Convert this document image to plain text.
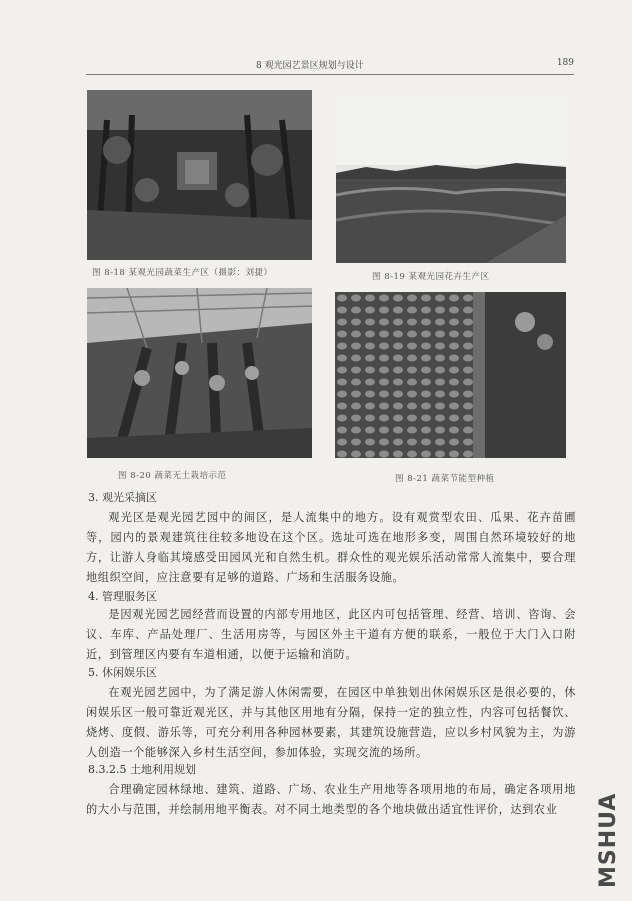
8 观光园艺景区规划与设计	189
图 8-18 某观光园蔬菜生产区（摄影：刘捷）	图 8-19 某观光园花卉生产区
图 8-20 蔬菜无土栽培示范	图 8-21 蔬菜节能型种植
3. 观光采摘区
观光区是观光园艺园中的闹区，是人流集中的地方。设有观赏型农田、瓜果、花卉苗圃等，园内的景观建筑往往较多地设在这个区。选址可选在地形多变，周围自然环境较好的地方，让游人身临其境感受田园风光和自然生机。群众性的观光娱乐活动常常人流集中，要合理地组织空间，应注意要有足够的道路、广场和生活服务设施。
4. 管理服务区
是因观光园艺园经营而设置的内部专用地区，此区内可包括管理、经营、培训、咨询、会议、车库、产品处理厂、生活用房等，与园区外主干道有方便的联系，一般位于大门入口附近，到管理区内要有车道相通，以便于运输和消防。
5. 休闲娱乐区
在观光园艺园中，为了满足游人休闲需要，在园区中单独划出休闲娱乐区是很必要的，休闲娱乐区一般可靠近观光区，并与其他区用地有分隔，保持一定的独立性，内容可包括餐饮、烧烤、度假、游乐等，可充分利用各种园林要素，其建筑设施营造，应以乡村风貌为主，为游人创造一个能够深入乡村生活空间，参加体验，实现交流的场所。
8.3.2.5 土地利用规划
合理确定园林绿地、建筑、道路、广场、农业生产用地等各项用地的布局，确定各项用地的大小与范围，并绘制用地平衡表。对不同土地类型的各个地块做出适宜性评价，达到农业	MSHUA
